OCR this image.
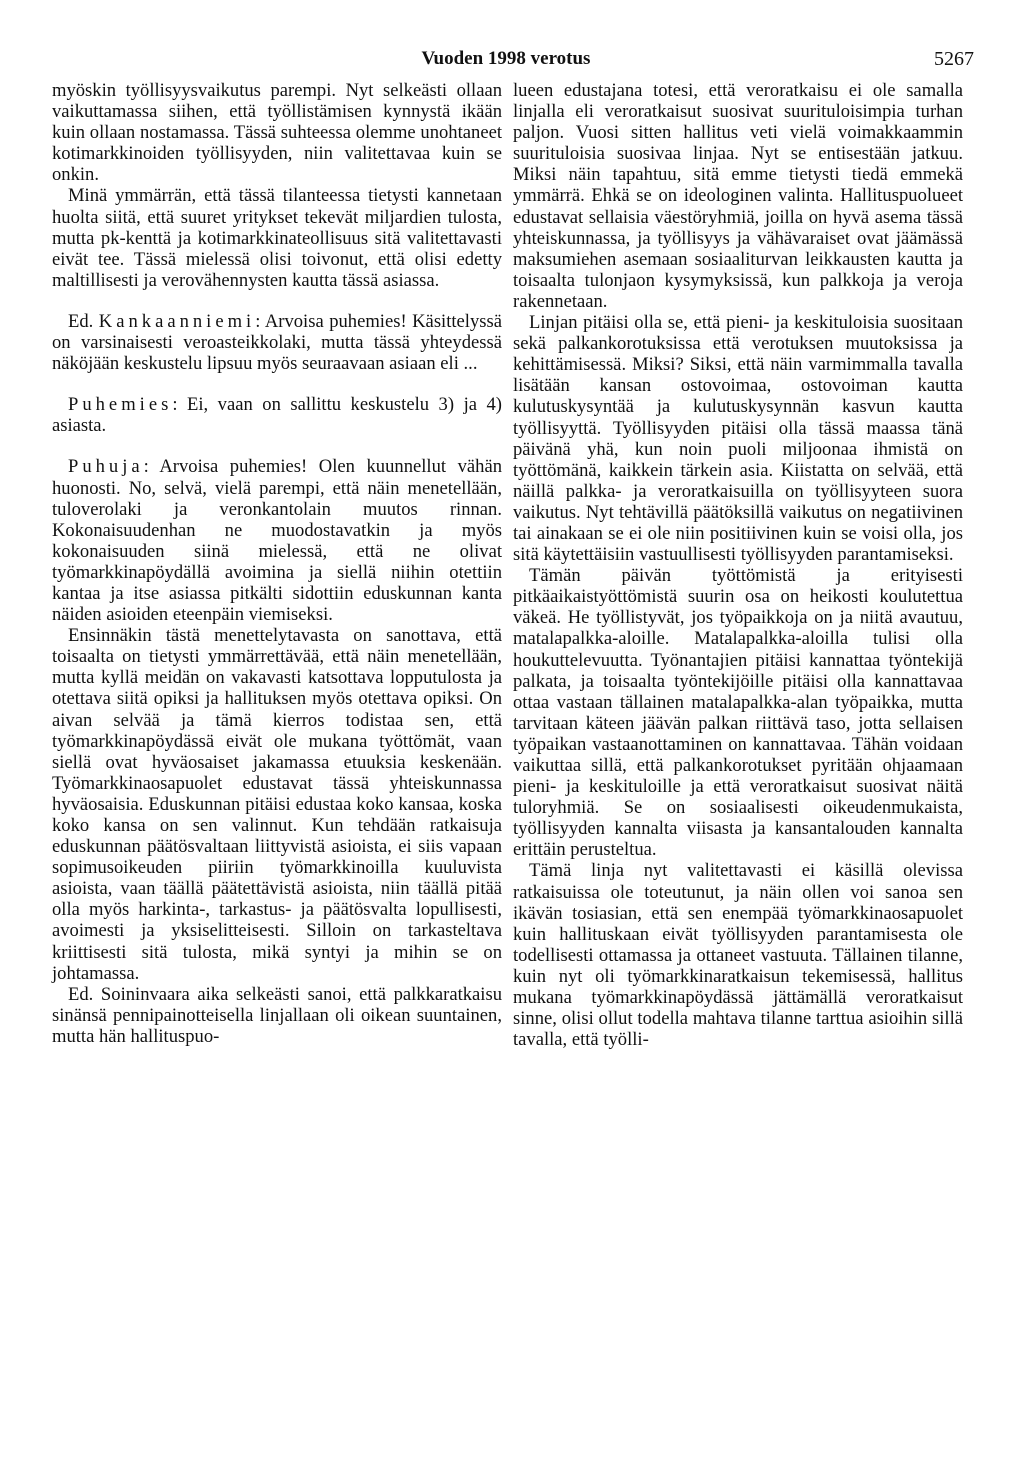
Vuoden 1998 verotus	5267

myöskin työllisyysvaikutus parempi. Nyt selkeästi ollaan vaikuttamassa siihen, että työllistämisen kynnystä ikään kuin ollaan nostamassa. Tässä suhteessa olemme unohtaneet kotimarkkinoiden työllisyyden, niin valitettavaa kuin se onkin.

Minä ymmärrän, että tässä tilanteessa tietysti kannetaan huolta siitä, että suuret yritykset tekevät miljardien tulosta, mutta pk-kenttä ja kotimarkkinateollisuus sitä valitettavasti eivät tee. Tässä mielessä olisi toivonut, että olisi edetty maltillisesti ja verovähennysten kautta tässä asiassa.

Ed. Kankaanniemi: Arvoisa puhemies! Käsittelyssä on varsinaisesti veroasteikkolaki, mutta tässä yhteydessä näköjään keskustelu lipsuu myös seuraavaan asiaan eli ...

Puhemies: Ei, vaan on sallittu keskustelu 3) ja 4) asiasta.

Puhuja: Arvoisa puhemies! Olen kuunnellut vähän huonosti. No, selvä, vielä parempi, että näin menetellään, tuloverolaki ja veronkantolain muutos rinnan. Kokonaisuudenhan ne muodostavatkin ja myös kokonaisuuden siinä mielessä, että ne olivat työmarkkinapöydällä avoimina ja siellä niihin otettiin kantaa ja itse asiassa pitkälti sidottiin eduskunnan kanta näiden asioiden eteenpäin viemiseksi.

Ensinnäkin tästä menettelytavasta on sanottava, että toisaalta on tietysti ymmärrettävää, että näin menetellään, mutta kyllä meidän on vakavasti katsottava lopputulosta ja otettava siitä opiksi ja hallituksen myös otettava opiksi. On aivan selvää ja tämä kierros todistaa sen, että työmarkkinapöydässä eivät ole mukana työttömät, vaan siellä ovat hyväosaiset jakamassa etuuksia keskenään. Työmarkkinaosapuolet edustavat tässä yhteiskunnassa hyväosaisia. Eduskunnan pitäisi edustaa koko kansaa, koska koko kansa on sen valinnut. Kun tehdään ratkaisuja eduskunnan päätösvaltaan liittyvistä asioista, ei siis vapaan sopimusoikeuden piiriin työmarkkinoilla kuuluvista asioista, vaan täällä päätettävistä asioista, niin täällä pitää olla myös harkinta-, tarkastus- ja päätösvalta lopullisesti, avoimesti ja yksiselitteisesti. Silloin on tarkasteltava kriittisesti sitä tulosta, mikä syntyi ja mihin se on johtamassa.

Ed. Soininvaara aika selkeästi sanoi, että palkkaratkaisu sinänsä pennipainotteisella linjallaan oli oikean suuntainen, mutta hän hallituspuo-

lueen edustajana totesi, että veroratkaisu ei ole samalla linjalla eli veroratkaisut suosivat suurituloisimpia turhan paljon. Vuosi sitten hallitus veti vielä voimakkaammin suurituloisia suosivaa linjaa. Nyt se entisestään jatkuu. Miksi näin tapahtuu, sitä emme tietysti tiedä emmekä ymmärrä. Ehkä se on ideologinen valinta. Hallituspuolueet edustavat sellaisia väestöryhmiä, joilla on hyvä asema tässä yhteiskunnassa, ja työllisyys ja vähävaraiset ovat jäämässä maksumiehen asemaan sosiaaliturvan leikkausten kautta ja toisaalta tulonjaon kysymyksissä, kun palkkoja ja veroja rakennetaan.

Linjan pitäisi olla se, että pieni- ja keskituloisia suositaan sekä palkankorotuksissa että verotuksen muutoksissa ja kehittämisessä. Miksi? Siksi, että näin varmimmalla tavalla lisätään kansan ostovoimaa, ostovoiman kautta kulutuskysyntää ja kulutuskysynnän kasvun kautta työllisyyttä. Työllisyyden pitäisi olla tässä maassa tänä päivänä yhä, kun noin puoli miljoonaa ihmistä on työttömänä, kaikkein tärkein asia. Kiistatta on selvää, että näillä palkka- ja veroratkaisuilla on työllisyyteen suora vaikutus. Nyt tehtävillä päätöksillä vaikutus on negatiivinen tai ainakaan se ei ole niin positiivinen kuin se voisi olla, jos sitä käytettäisiin vastuullisesti työllisyyden parantamiseksi.

Tämän päivän työttömistä ja erityisesti pitkäaikaistyöttömistä suurin osa on heikosti koulutettua väkeä. He työllistyvät, jos työpaikkoja on ja niitä avautuu, matalapalkka-aloille. Matalapalkka-aloilla tulisi olla houkuttelevuutta. Työnantajien pitäisi kannattaa työntekijä palkata, ja toisaalta työntekijöille pitäisi olla kannattavaa ottaa vastaan tällainen matalapalkka-alan työpaikka, mutta tarvitaan käteen jäävän palkan riittävä taso, jotta sellaisen työpaikan vastaanottaminen on kannattavaa. Tähän voidaan vaikuttaa sillä, että palkankorotukset pyritään ohjaamaan pieni- ja keskituloille ja että veroratkaisut suosivat näitä tuloryhmiä. Se on sosiaalisesti oikeudenmukaista, työllisyyden kannalta viisasta ja kansantalouden kannalta erittäin perusteltua.

Tämä linja nyt valitettavasti ei käsillä olevissa ratkaisuissa ole toteutunut, ja näin ollen voi sanoa sen ikävän tosiasian, että sen enempää työmarkkinaosapuolet kuin hallituskaan eivät työllisyyden parantamisesta ole todellisesti ottamassa ja ottaneet vastuuta. Tällainen tilanne, kuin nyt oli työmarkkinaratkaisun tekemisessä, hallitus mukana työmarkkinapöydässä jättämällä veroratkaisut sinne, olisi ollut todella mahtava tilanne tarttua asioihin sillä tavalla, että työlli-
